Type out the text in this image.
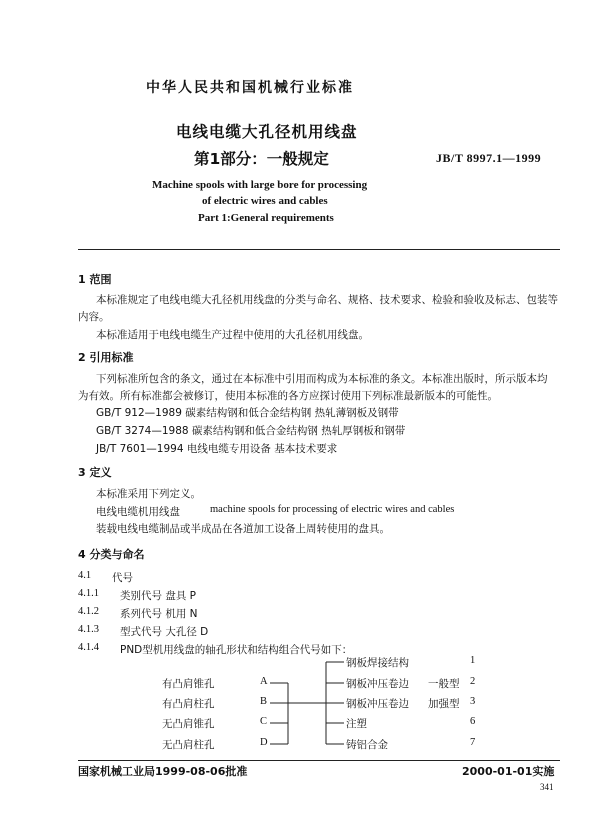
中华人民共和国机械行业标准
电线电缆大孔径机用线盘
第1部分：一般规定	JB/T 8997.1—1999
Machine spools with large bore for processing
of electric wires and cables
Part 1:General requirements
1 范围
本标准规定了电线电缆大孔径机用线盘的分类与命名、规格、技术要求、检验和验收及标志、包装等
内容。
本标准适用于电线电缆生产过程中使用的大孔径机用线盘。
2 引用标准
下列标准所包含的条文，通过在本标准中引用而构成为本标准的条文。本标准出版时，所示版本均
为有效。所有标准都会被修订，使用本标准的各方应探讨使用下列标准最新版本的可能性。
GB/T 912—1989 碳素结构钢和低合金结构钢 热轧薄钢板及钢带
GB/T 3274—1988 碳素结构钢和低合金结构钢 热轧厚钢板和钢带
JB/T 7601—1994 电线电缆专用设备 基本技术要求
3 定义
本标准采用下列定义。
电线电缆机用线盘	machine spools for processing of electric wires and cables
装载电线电缆制品或半成品在各道加工设备上周转使用的盘具。
4 分类与命名
4.1 代号
4.1.1 类别代号 盘具 P
4.1.2 系列代号 机用 N
4.1.3 型式代号 大孔径 D
4.1.4 PND型机用线盘的轴孔形状和结构组合代号如下：
有凸肩锥孔	A
有凸肩柱孔	B
无凸肩锥孔	C
无凸肩柱孔	D
钢板焊接结构	1
钢板冲压卷边 一般型 2
钢板冲压卷边 加强型 3
注塑	6
铸铝合金	7
国家机械工业局1999-08-06批准	2000-01-01实施
341
